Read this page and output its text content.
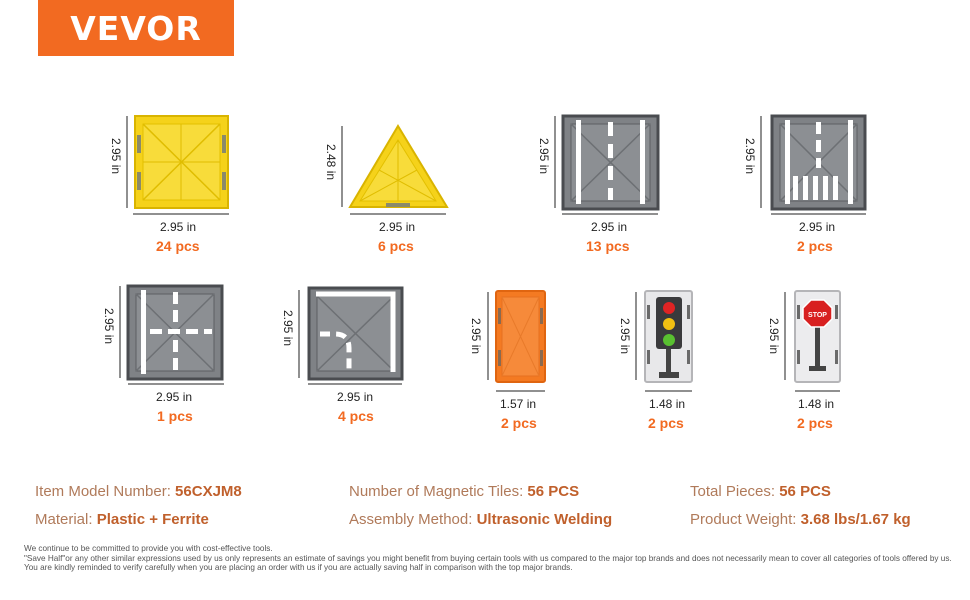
VEVOR
2.95 in
2.95 in
24 pcs
2.48 in
2.95 in
6 pcs
2.95 in
2.95 in
13 pcs
2.95 in
2.95 in
2 pcs
2.95 in
2.95 in
1 pcs
2.95 in
2.95 in
4 pcs
2.95 in
1.57 in
2 pcs
2.95 in
1.48 in
2 pcs
STOP
2.95 in
1.48 in
2 pcs
Item Model Number: 56CXJM8	Number of Magnetic Tiles: 56 PCS	Total Pieces: 56 PCS
Material: Plastic + Ferrite	Assembly Method: Ultrasonic Welding	Product Weight: 3.68 lbs/1.67 kg
We continue to be committed to provide you with cost-effective tools.
"Save Half"or any other similar expressions used by us only represents an estimate of savings you might benefit from buying certain tools with us compared to the major top brands and does not necessarily mean to cover all categories of tools offered by us.
You are kindly reminded to verify carefully when you are placing an order with us if you are actually saving half in comparison with the top major brands.
